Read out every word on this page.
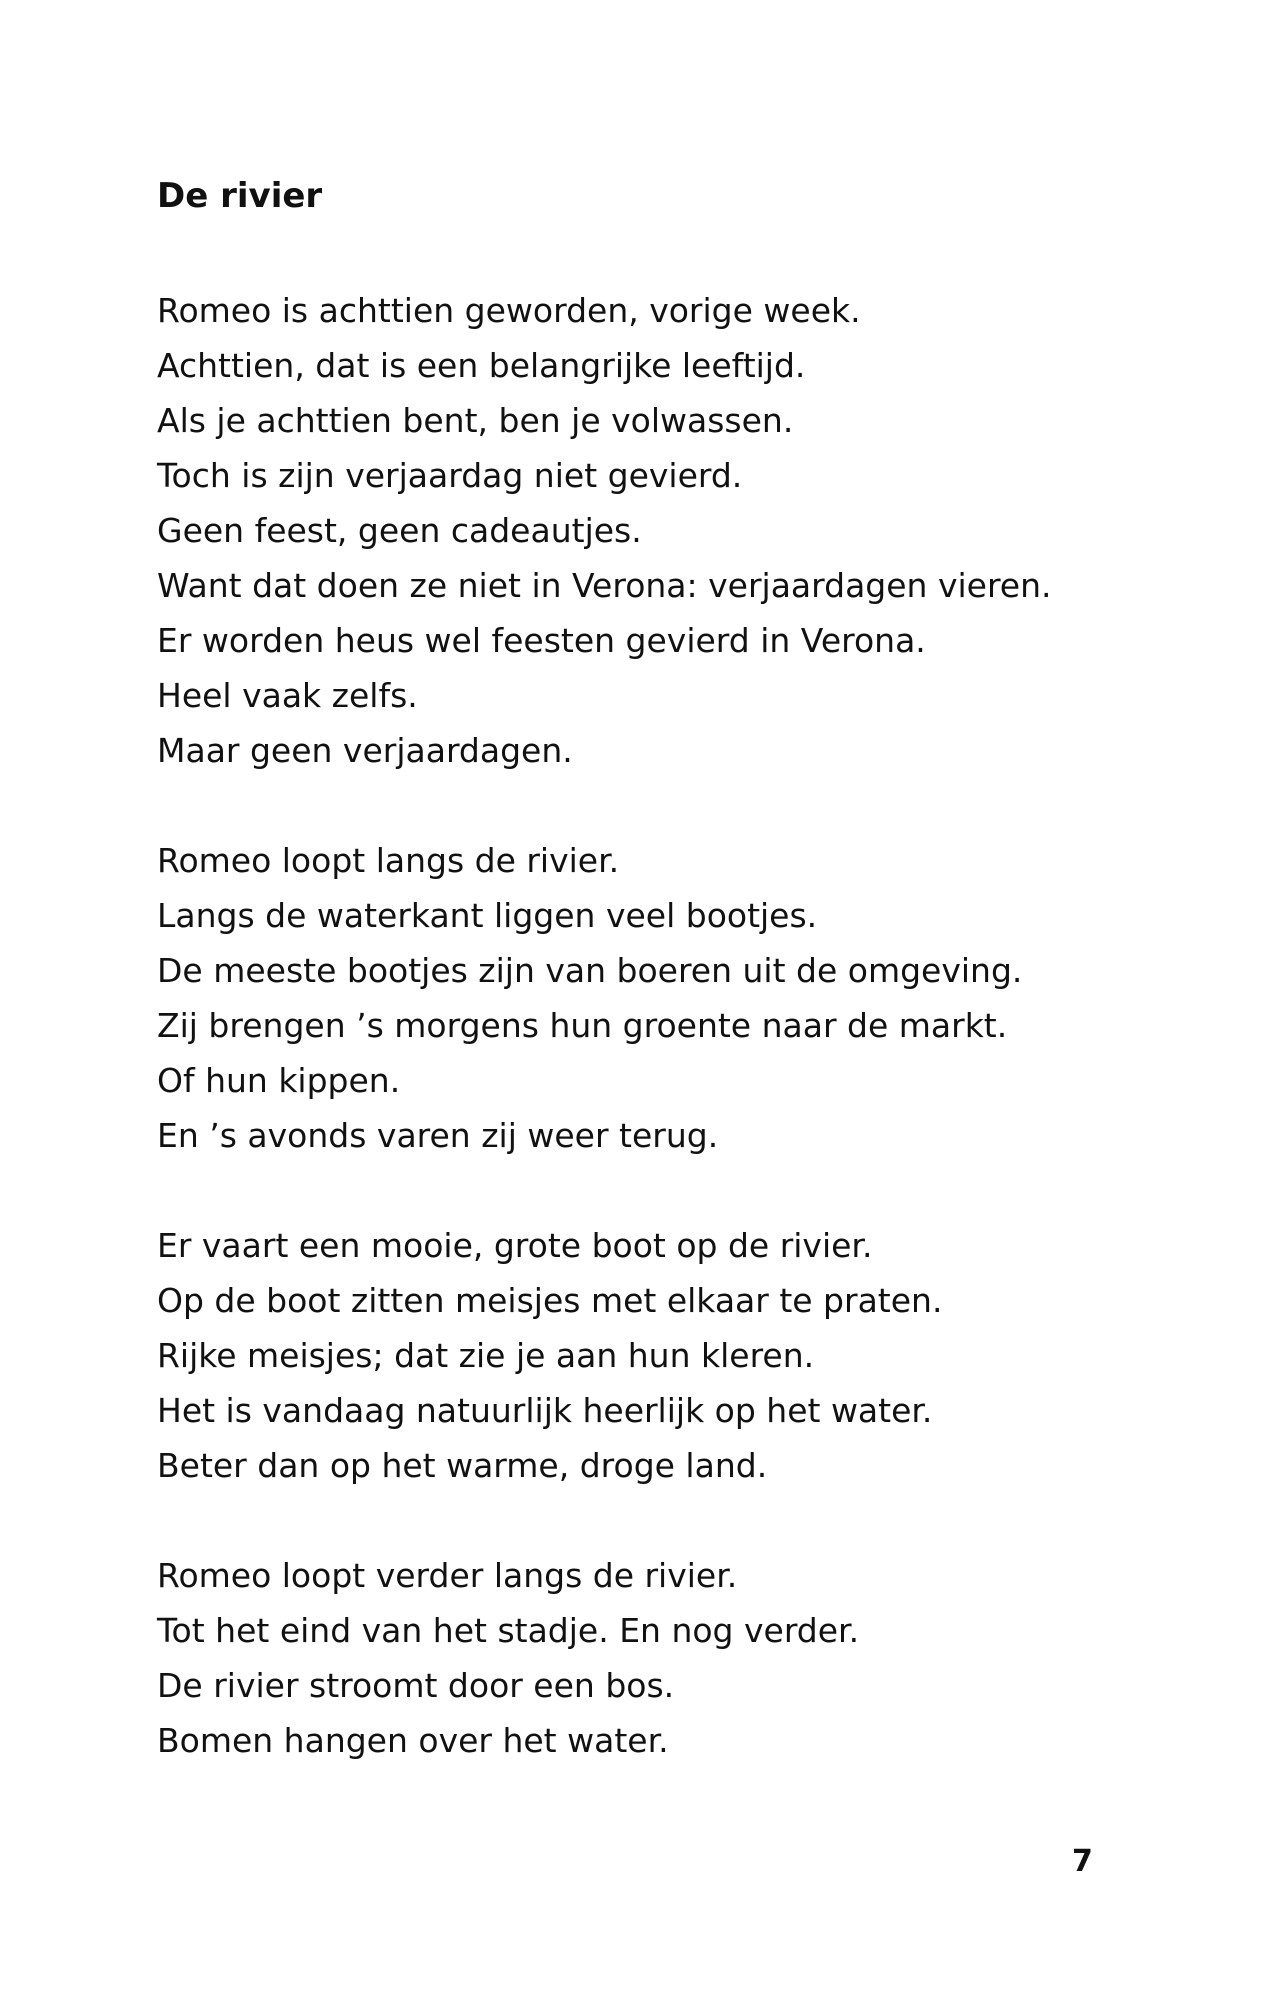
De rivier

Romeo is achttien geworden, vorige week.
Achttien, dat is een belangrijke leeftijd.
Als je achttien bent, ben je volwassen.
Toch is zijn verjaardag niet gevierd.
Geen feest, geen cadeautjes.
Want dat doen ze niet in Verona: verjaardagen vieren.
Er worden heus wel feesten gevierd in Verona.
Heel vaak zelfs.
Maar geen verjaardagen.

Romeo loopt langs de rivier.
Langs de waterkant liggen veel bootjes.
De meeste bootjes zijn van boeren uit de omgeving.
Zij brengen ’s morgens hun groente naar de markt.
Of hun kippen.
En ’s avonds varen zij weer terug.

Er vaart een mooie, grote boot op de rivier.
Op de boot zitten meisjes met elkaar te praten.
Rijke meisjes; dat zie je aan hun kleren.
Het is vandaag natuurlijk heerlijk op het water.
Beter dan op het warme, droge land.

Romeo loopt verder langs de rivier.
Tot het eind van het stadje. En nog verder.
De rivier stroomt door een bos.
Bomen hangen over het water.

7
